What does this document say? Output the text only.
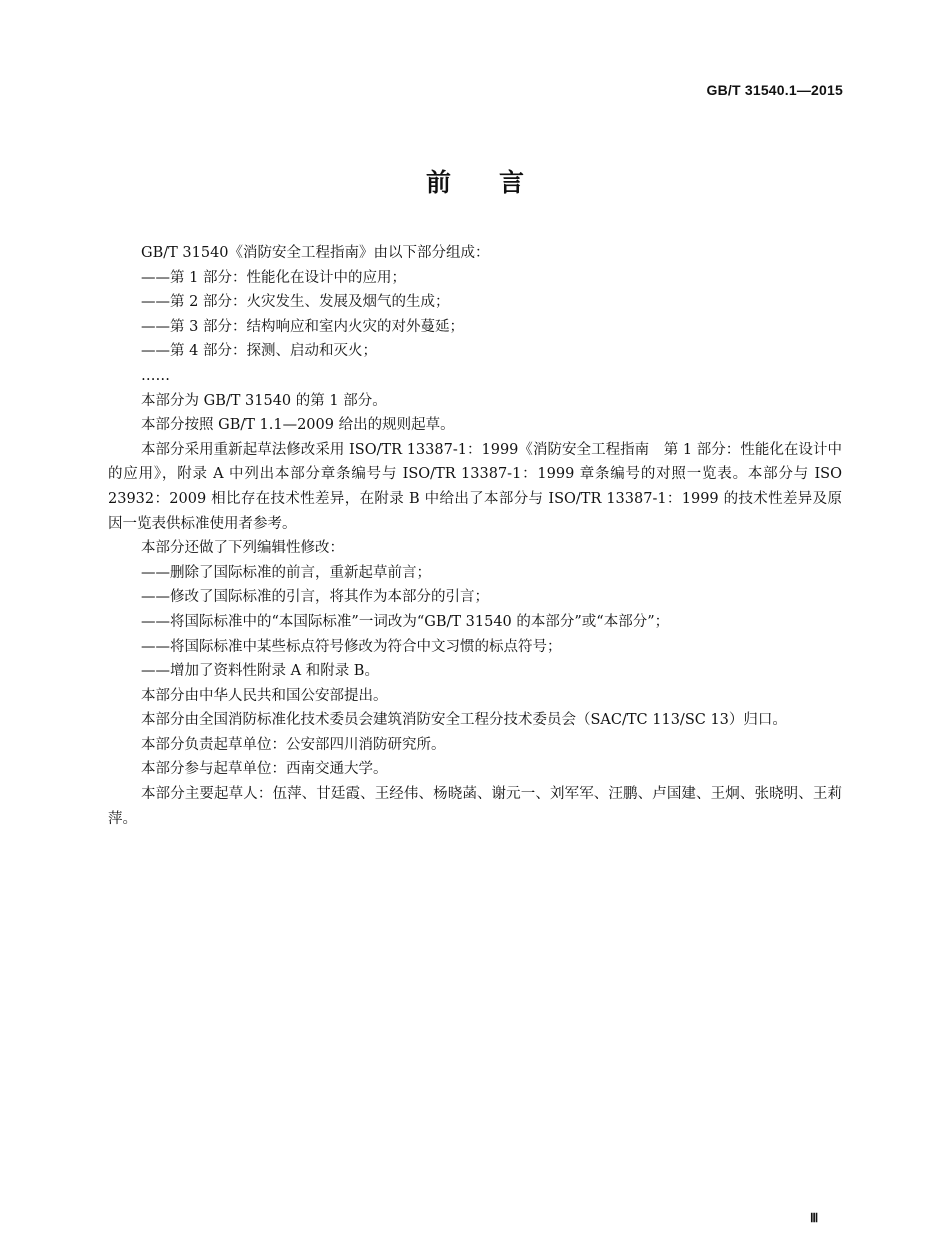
GB/T 31540.1—2015
前言

GB/T 31540《消防安全工程指南》由以下部分组成：

——第 1 部分：性能化在设计中的应用；

——第 2 部分：火灾发生、发展及烟气的生成；

——第 3 部分：结构响应和室内火灾的对外蔓延；

——第 4 部分：探测、启动和灭火；

……

本部分为 GB/T 31540 的第 1 部分。

本部分按照 GB/T 1.1—2009 给出的规则起草。

本部分采用重新起草法修改采用 ISO/TR 13387-1：1999《消防安全工程指南　第 1 部分：性能化在设计中的应用》，附录 A 中列出本部分章条编号与 ISO/TR 13387-1：1999 章条编号的对照一览表。本部分与 ISO 23932：2009 相比存在技术性差异，在附录 B 中给出了本部分与 ISO/TR 13387-1：1999 的技术性差异及原因一览表供标准使用者参考。

本部分还做了下列编辑性修改：

——删除了国际标准的前言，重新起草前言；

——修改了国际标准的引言，将其作为本部分的引言；

——将国际标准中的“本国际标准”一词改为“GB/T 31540 的本部分”或“本部分”；

——将国际标准中某些标点符号修改为符合中文习惯的标点符号；

——增加了资料性附录 A 和附录 B。

本部分由中华人民共和国公安部提出。

本部分由全国消防标准化技术委员会建筑消防安全工程分技术委员会（SAC/TC 113/SC 13）归口。

本部分负责起草单位：公安部四川消防研究所。

本部分参与起草单位：西南交通大学。

本部分主要起草人：伍萍、甘廷霞、王经伟、杨晓菡、谢元一、刘军军、汪鹏、卢国建、王炯、张晓明、王莉萍。

Ⅲ
